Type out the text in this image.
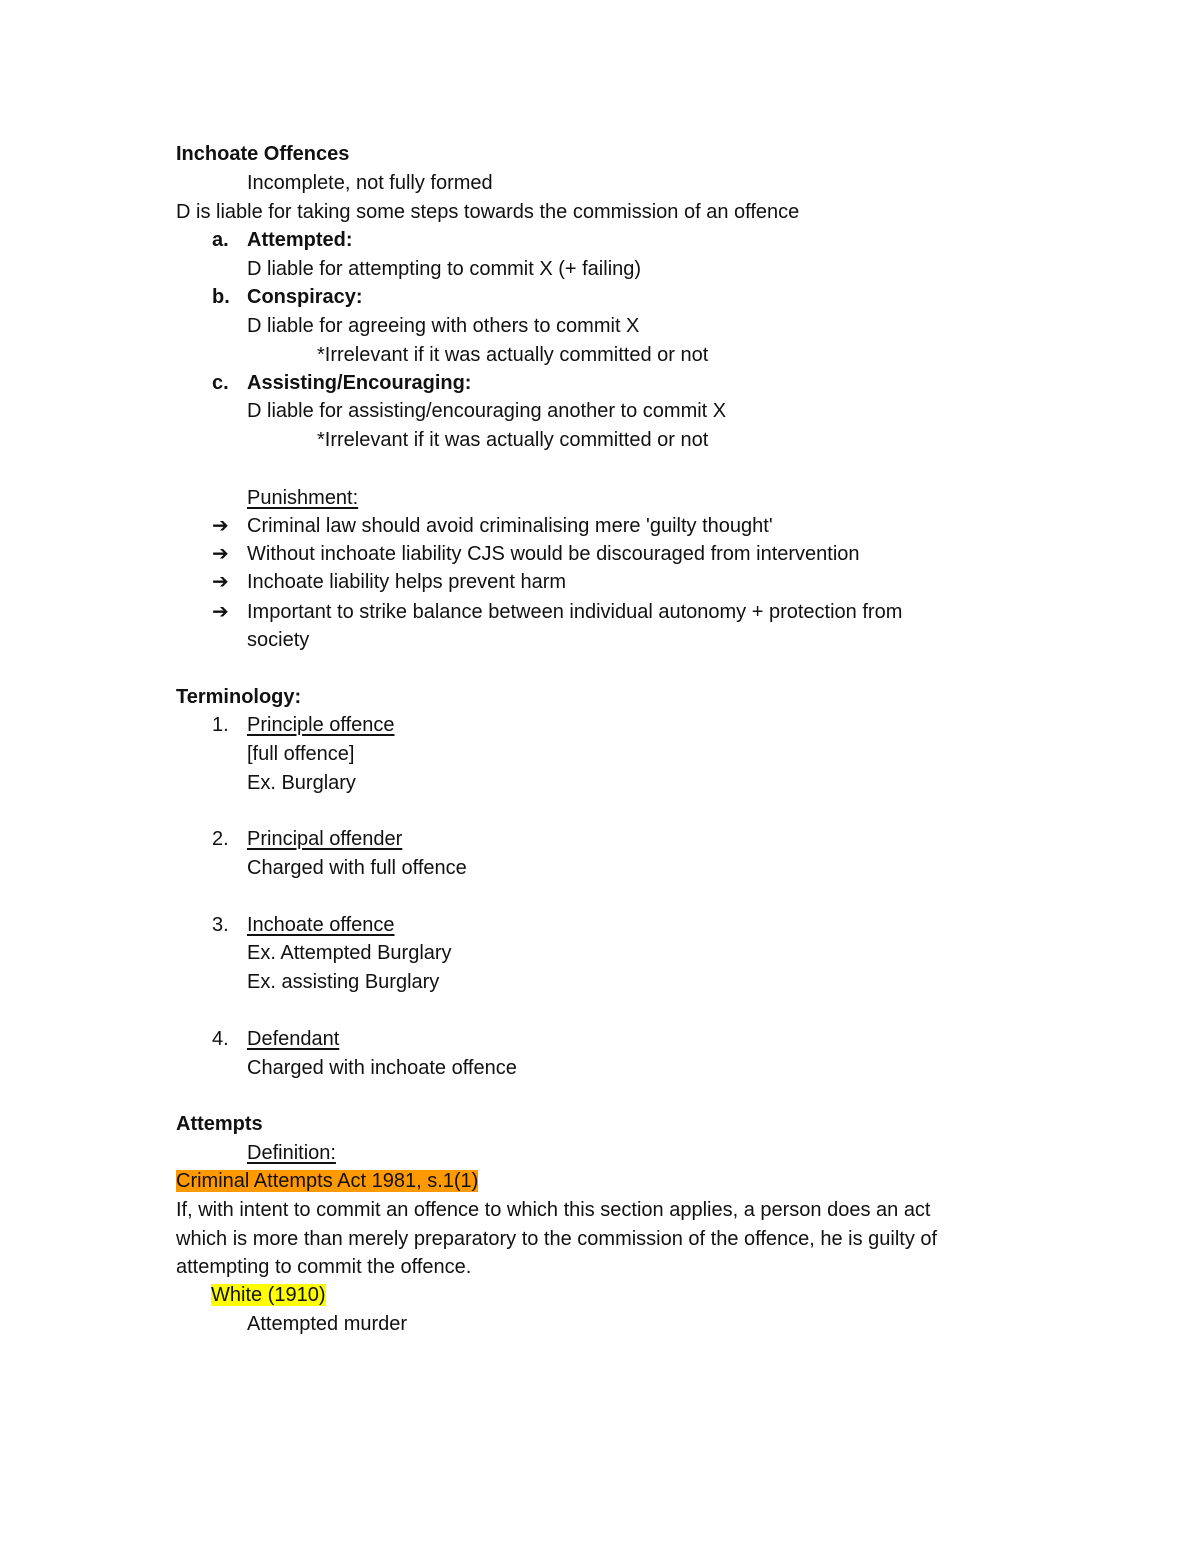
Inchoate Offences
Incomplete, not fully formed
D is liable for taking some steps towards the commission of an offence
a. Attempted:
D liable for attempting to commit X (+ failing)
b. Conspiracy:
D liable for agreeing with others to commit X
*Irrelevant if it was actually committed or not
c. Assisting/Encouraging:
D liable for assisting/encouraging another to commit X
*Irrelevant if it was actually committed or not
Punishment:
➔ Criminal law should avoid criminalising mere 'guilty thought'
➔ Without inchoate liability CJS would be discouraged from intervention
➔ Inchoate liability helps prevent harm
➔ Important to strike balance between individual autonomy + protection from
society
Terminology:
1. Principle offence
[full offence]
Ex. Burglary
2. Principal offender
Charged with full offence
3. Inchoate offence
Ex. Attempted Burglary
Ex. assisting Burglary
4. Defendant
Charged with inchoate offence
Attempts
Definition:
Criminal Attempts Act 1981, s.1(1)
If, with intent to commit an offence to which this section applies, a person does an act
which is more than merely preparatory to the commission of the offence, he is guilty of
attempting to commit the offence.
White (1910)
Attempted murder
